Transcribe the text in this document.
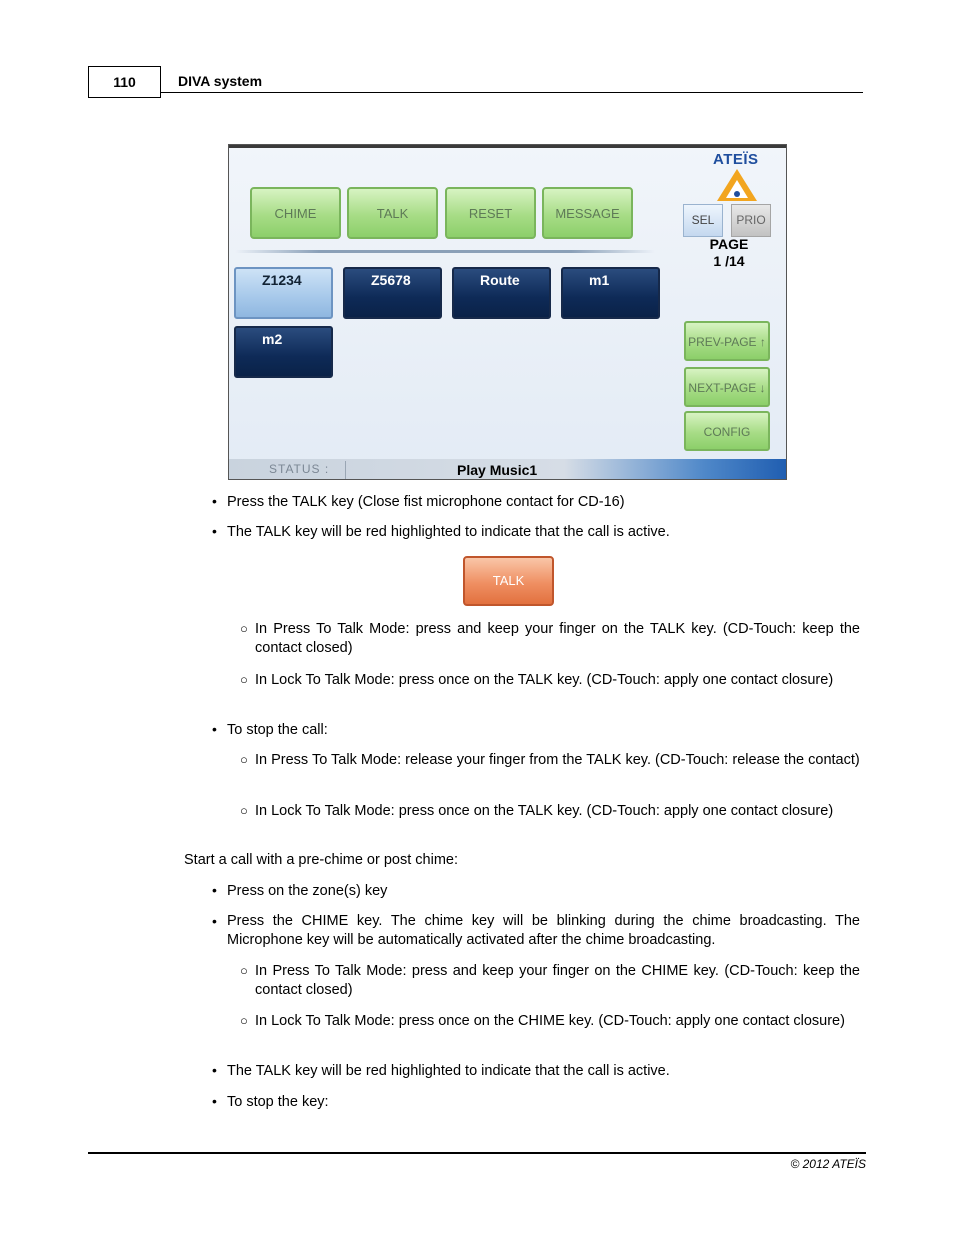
110	DIVA system
ATEÏS
CHIME	TALK	RESET	MESSAGE	SEL	PRIO
PAGE
1 /14
Z1234	Z5678	Route	m1
m2	PREV-PAGE ↑
NEXT-PAGE ↓
CONFIG
STATUS :	Play Music1
• Press the TALK key (Close fist microphone contact for CD-16)
• The TALK key will be red highlighted to indicate that the call is active.
TALK
○ In Press To Talk Mode: press and keep your finger on the TALK key. (CD-Touch: keep the contact closed)
○ In Lock To Talk Mode: press once on the TALK key. (CD-Touch: apply one contact closure)
• To stop the call:
○ In Press To Talk Mode: release your finger from the TALK key. (CD-Touch: release the contact)
○ In Lock To Talk Mode: press once on the TALK key. (CD-Touch: apply one contact closure)
Start a call with a pre-chime or post chime:
• Press on the zone(s) key
• Press the CHIME key. The chime key will be blinking during the chime broadcasting. The Microphone key will be automatically activated after the chime broadcasting.
○ In Press To Talk Mode: press and keep your finger on the CHIME key. (CD-Touch: keep the contact closed)
○ In Lock To Talk Mode: press once on the CHIME key. (CD-Touch: apply one contact closure)
• The TALK key will be red highlighted to indicate that the call is active.
• To stop the key:
© 2012 ATEÏS
